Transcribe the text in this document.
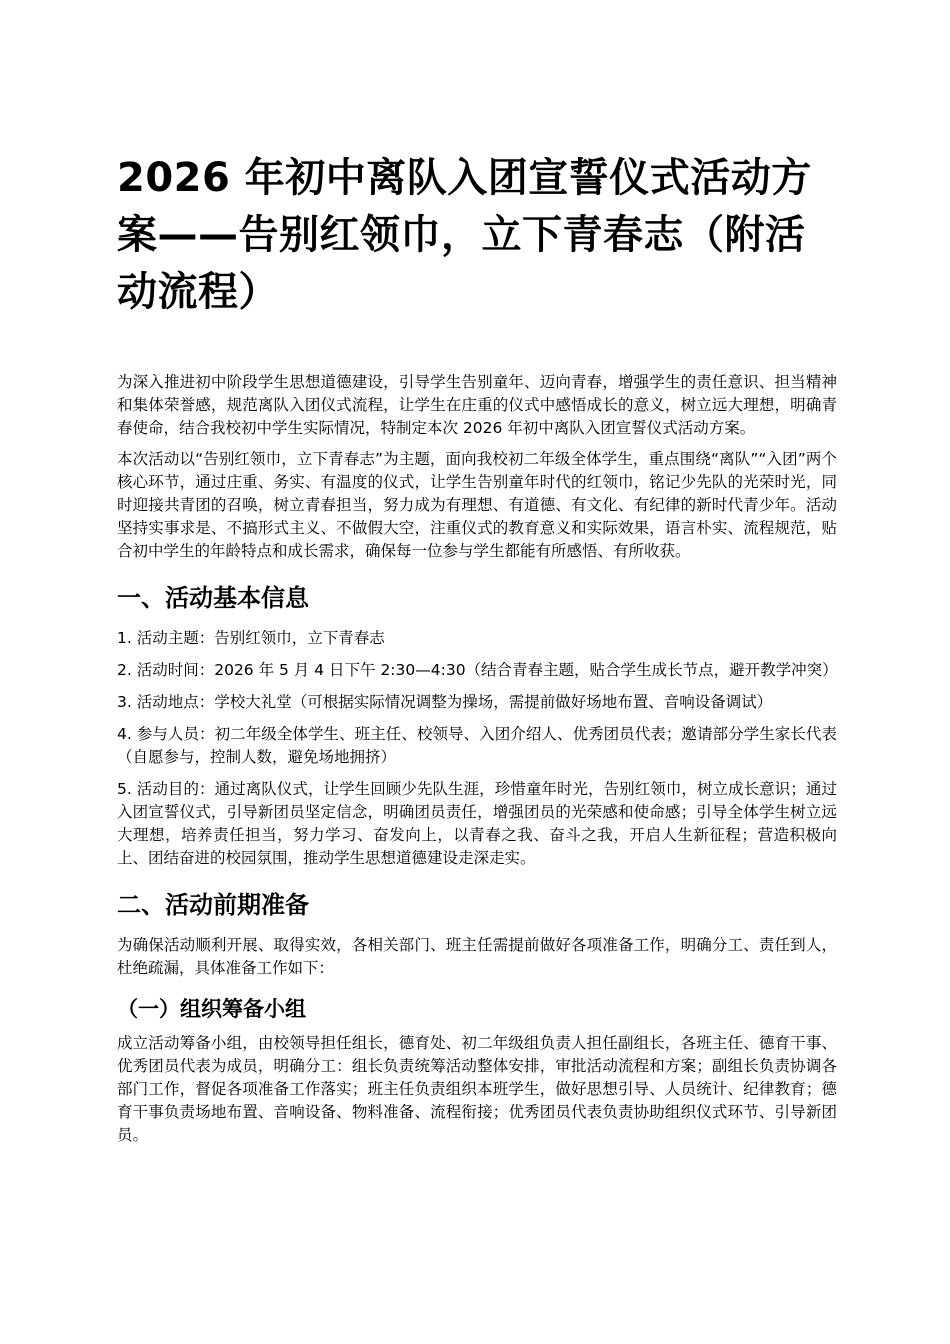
2026 年初中离队入团宣誓仪式活动方案——告别红领巾，立下青春志（附活动流程）

为深入推进初中阶段学生思想道德建设，引导学生告别童年、迈向青春，增强学生的责任意识、担当精神和集体荣誉感，规范离队入团仪式流程，让学生在庄重的仪式中感悟成长的意义，树立远大理想，明确青春使命，结合我校初中学生实际情况，特制定本次 2026 年初中离队入团宣誓仪式活动方案。

本次活动以“告别红领巾，立下青春志”为主题，面向我校初二年级全体学生，重点围绕“离队”“入团”两个核心环节，通过庄重、务实、有温度的仪式，让学生告别童年时代的红领巾，铭记少先队的光荣时光，同时迎接共青团的召唤，树立青春担当，努力成为有理想、有道德、有文化、有纪律的新时代青少年。活动坚持实事求是、不搞形式主义、不做假大空，注重仪式的教育意义和实际效果，语言朴实、流程规范，贴合初中学生的年龄特点和成长需求，确保每一位参与学生都能有所感悟、有所收获。

一、活动基本信息

1. 活动主题：告别红领巾，立下青春志

2. 活动时间：2026 年 5 月 4 日下午 2:30—4:30（结合青春主题，贴合学生成长节点，避开教学冲突）

3. 活动地点：学校大礼堂（可根据实际情况调整为操场，需提前做好场地布置、音响设备调试）

4. 参与人员：初二年级全体学生、班主任、校领导、入团介绍人、优秀团员代表；邀请部分学生家长代表（自愿参与，控制人数，避免场地拥挤）

5. 活动目的：通过离队仪式，让学生回顾少先队生涯，珍惜童年时光，告别红领巾，树立成长意识；通过入团宣誓仪式，引导新团员坚定信念，明确团员责任，增强团员的光荣感和使命感；引导全体学生树立远大理想，培养责任担当，努力学习、奋发向上，以青春之我、奋斗之我，开启人生新征程；营造积极向上、团结奋进的校园氛围，推动学生思想道德建设走深走实。

二、活动前期准备

为确保活动顺利开展、取得实效，各相关部门、班主任需提前做好各项准备工作，明确分工、责任到人，杜绝疏漏，具体准备工作如下：

（一）组织筹备小组

成立活动筹备小组，由校领导担任组长，德育处、初二年级组负责人担任副组长，各班主任、德育干事、优秀团员代表为成员，明确分工：组长负责统筹活动整体安排，审批活动流程和方案；副组长负责协调各部门工作，督促各项准备工作落实；班主任负责组织本班学生，做好思想引导、人员统计、纪律教育；德育干事负责场地布置、音响设备、物料准备、流程衔接；优秀团员代表负责协助组织仪式环节、引导新团员。
